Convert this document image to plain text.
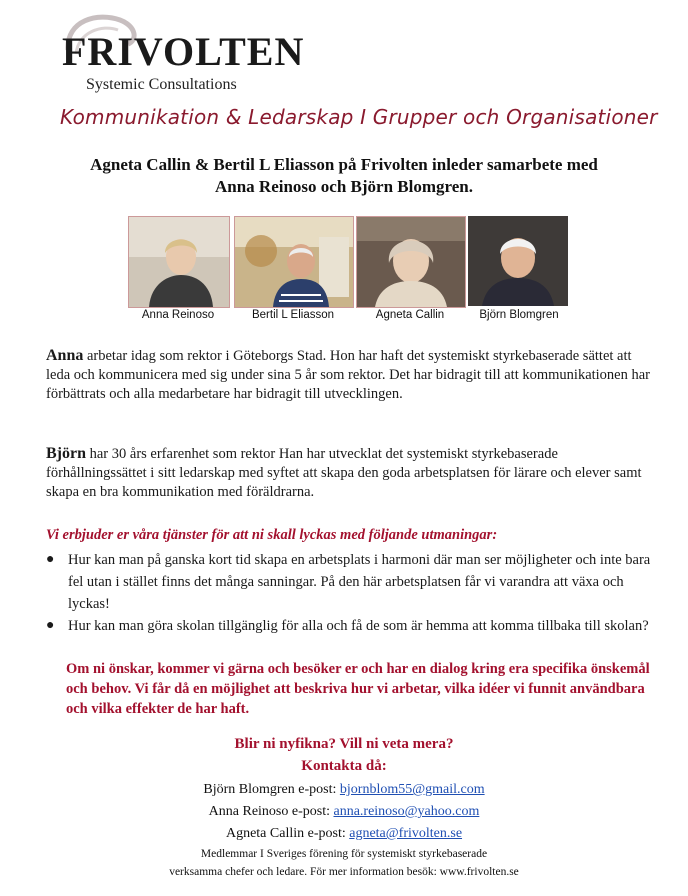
FRIVOLTEN
Systemic Consultations
Kommunikation & Ledarskap I Grupper och Organisationer
Agneta Callin & Bertil L Eliasson på Frivolten inleder samarbete med
Anna Reinoso och Björn Blomgren.
Anna Reinoso	Bertil L Eliasson	Agneta Callin	Björn Blomgren
Anna arbetar idag som rektor i Göteborgs Stad. Hon har haft det systemiskt styrkebaserade sättet att leda och kommunicera med sig under sina 5 år som rektor. Det har bidragit till att kommunikationen har förbättrats och alla medarbetare har bidragit till utvecklingen.
Björn har 30 års erfarenhet som rektor Han har utvecklat det systemiskt styrkebaserade förhållningssättet i sitt ledarskap med syftet att skapa den goda arbetsplatsen för lärare och elever samt skapa en bra kommunikation med föräldrarna.
Vi erbjuder er våra tjänster för att ni skall lyckas med följande utmaningar:
● Hur kan man på ganska kort tid skapa en arbetsplats i harmoni där man ser möjligheter och inte bara fel utan i stället finns det många sanningar. På den här arbetsplatsen får vi varandra att växa och lyckas!
● Hur kan man göra skolan tillgänglig för alla och få de som är hemma att komma tillbaka till skolan?
Om ni önskar, kommer vi gärna och besöker er och har en dialog kring era specifika önskemål och behov. Vi får då en möjlighet att beskriva hur vi arbetar, vilka idéer vi funnit användbara och vilka effekter de har haft.
Blir ni nyfikna? Vill ni veta mera?
Kontakta då:
Björn Blomgren e-post: bjornblom55@gmail.com
Anna Reinoso e-post: anna.reinoso@yahoo.com
Agneta Callin e-post: agneta@frivolten.se
Medlemmar I Sveriges förening för systemiskt styrkebaserade
verksamma chefer och ledare. För mer information besök: www.frivolten.se
